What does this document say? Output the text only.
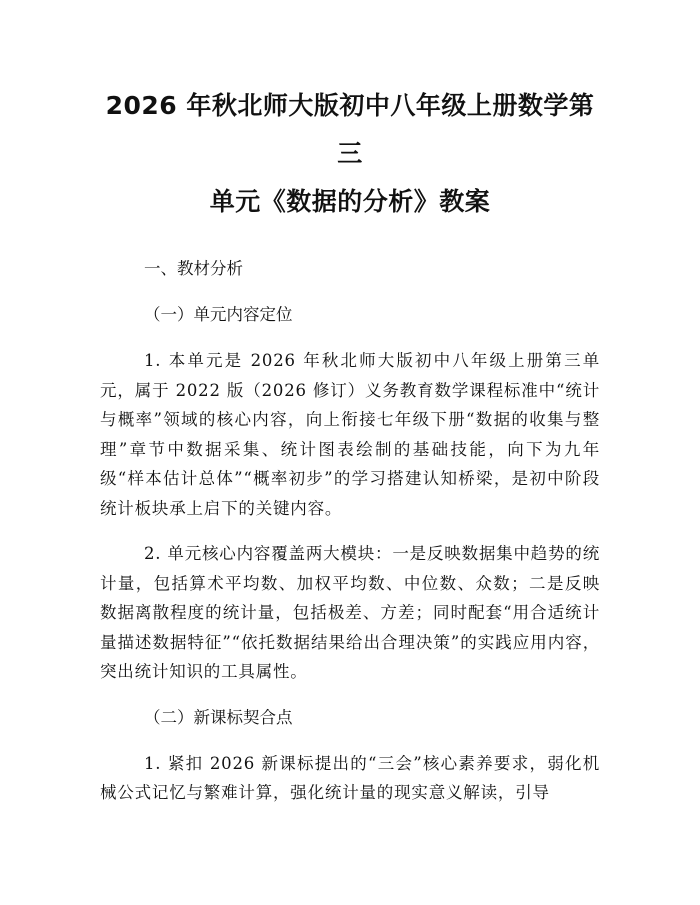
2026 年秋北师大版初中八年级上册数学第三
单元《数据的分析》教案

一、教材分析

（一）单元内容定位

1. 本单元是 2026 年秋北师大版初中八年级上册第三单元，属于 2022 版（2026 修订）义务教育数学课程标准中“统计与概率”领域的核心内容，向上衔接七年级下册“数据的收集与整理”章节中数据采集、统计图表绘制的基础技能，向下为九年级“样本估计总体”“概率初步”的学习搭建认知桥梁，是初中阶段统计板块承上启下的关键内容。

2. 单元核心内容覆盖两大模块：一是反映数据集中趋势的统计量，包括算术平均数、加权平均数、中位数、众数；二是反映数据离散程度的统计量，包括极差、方差；同时配套“用合适统计量描述数据特征”“依托数据结果给出合理决策”的实践应用内容，突出统计知识的工具属性。

（二）新课标契合点

1. 紧扣 2026 新课标提出的“三会”核心素养要求，弱化机械公式记忆与繁难计算，强化统计量的现实意义解读，引导
